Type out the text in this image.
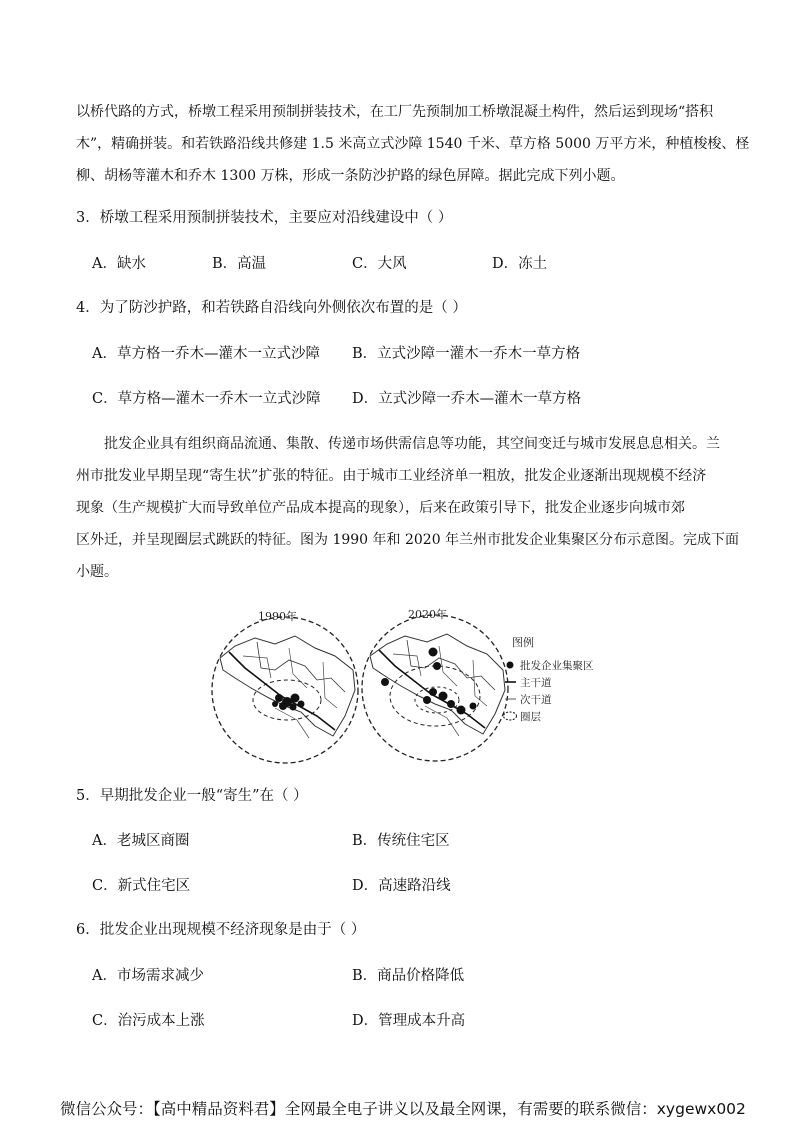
以桥代路的方式，桥墩工程采用预制拼装技术，在工厂先预制加工桥墩混凝土构件，然后运到现场“搭积
木”，精确拼装。和若铁路沿线共修建 1.5 米高立式沙障 1540 千米、草方格 5000 万平方米，种植梭梭、柽
柳、胡杨等灌木和乔木 1300 万株，形成一条防沙护路的绿色屏障。据此完成下列小题。
3．桥墩工程采用预制拼装技术，主要应对沿线建设中（ ）
A．缺水	B．高温	C．大风	D．冻土
4．为了防沙护路，和若铁路自沿线向外侧依次布置的是（ ）
A．草方格一乔木—灌木一立式沙障 B．立式沙障一灌木一乔木一草方格
C．草方格—灌木一乔木一立式沙障 D．立式沙障一乔木—灌木一草方格
批发企业具有组织商品流通、集散、传递市场供需信息等功能，其空间变迁与城市发展息息相关。兰
州市批发业早期呈现“寄生状”扩张的特征。由于城市工业经济单一粗放，批发企业逐渐出现规模不经济
现象（生产规模扩大而导致单位产品成本提高的现象），后来在政策引导下，批发企业逐步向城市郊
区外迁，并呈现圈层式跳跃的特征。图为 1990 年和 2020 年兰州市批发企业集聚区分布示意图。完成下面
小题。
1990年	2020年
图例
批发企业集聚区
主干道
次干道
圈层
5．早期批发企业一般“寄生”在（ ）
A．老城区商圈	B．传统住宅区
C．新式住宅区	D．高速路沿线
6．批发企业出现规模不经济现象是由于（ ）
A．市场需求减少	B．商品价格降低
C．治污成本上涨	D．管理成本升高
微信公众号：【高中精品资料君】全网最全电子讲义以及最全网课，有需要的联系微信：xygewx002
